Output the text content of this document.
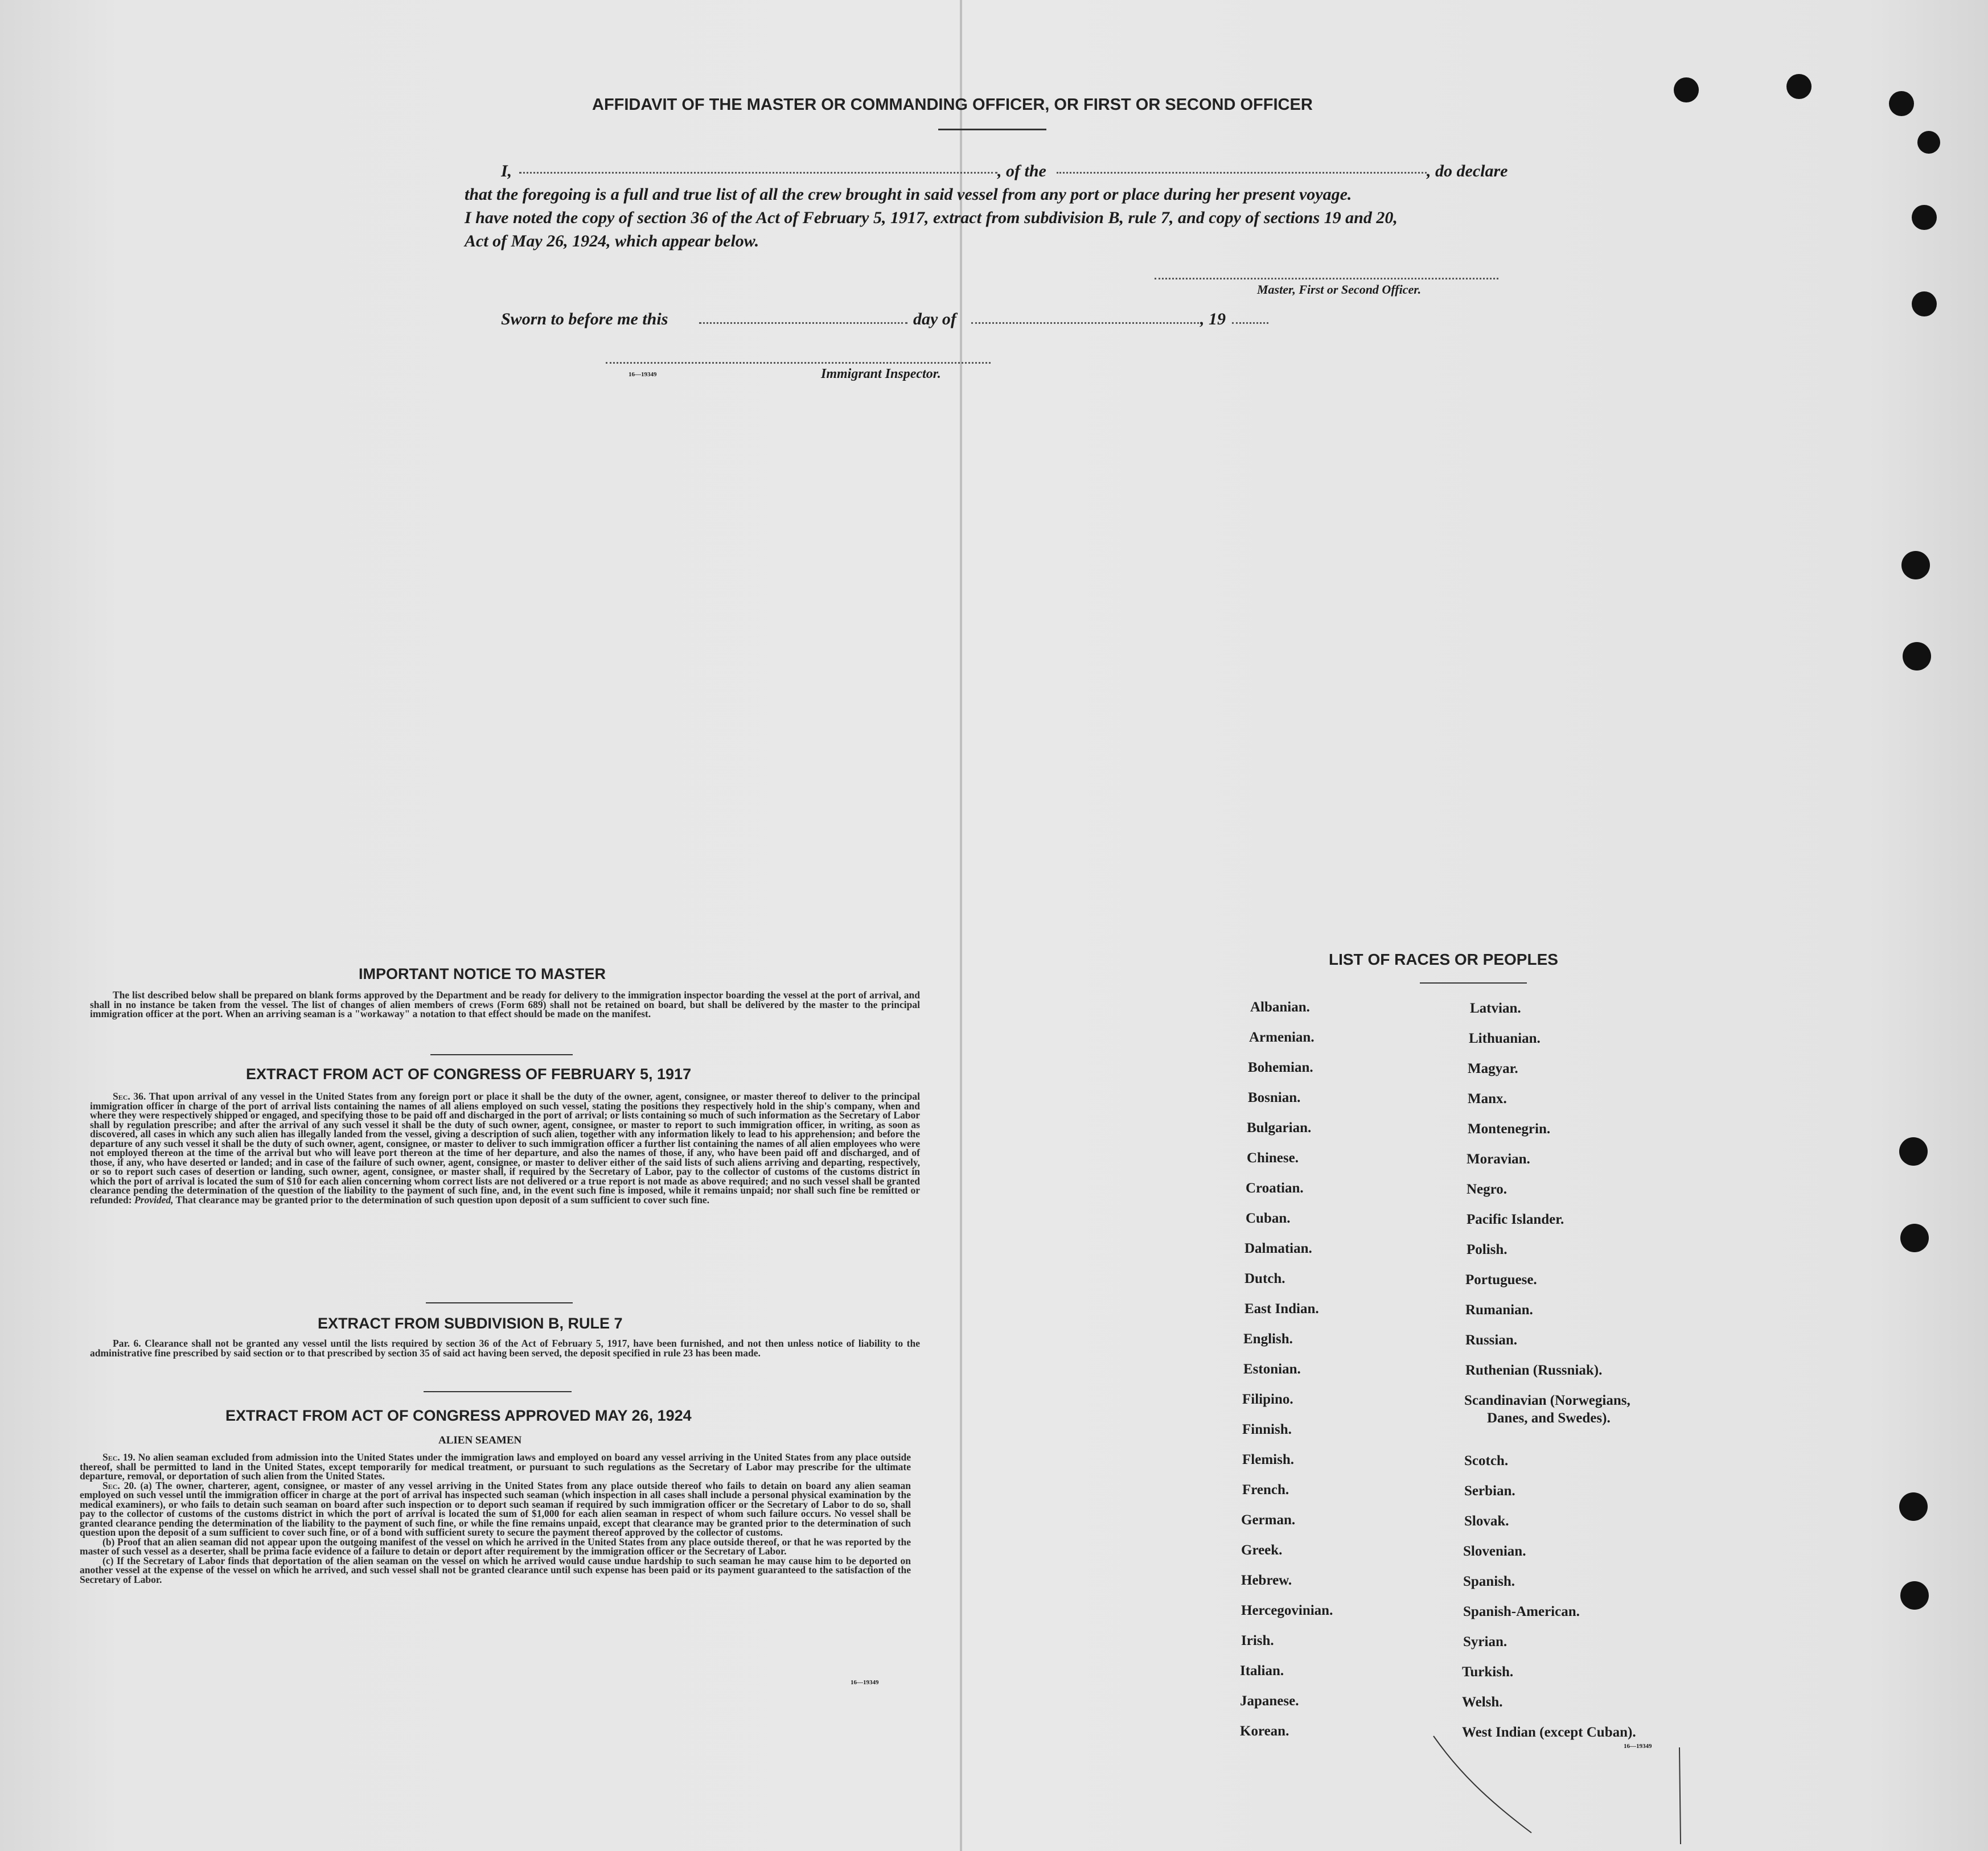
AFFIDAVIT OF THE MASTER OR COMMANDING OFFICER, OR FIRST OR SECOND OFFICER
I,	, of the	, do declare
that the foregoing is a full and true list of all the crew brought in said vessel from any port or place during her present voyage.
I have noted the copy of section 36 of the Act of February 5, 1917, extract from subdivision B, rule 7, and copy of sections 19 and 20,
Act of May 26, 1924, which appear below.
Master, First or Second Officer.
Sworn to before me this	day of	, 19
16—19349	Immigrant Inspector.
IMPORTANT NOTICE TO MASTER

The list described below shall be prepared on blank forms approved by the Department and be ready for delivery to the immigration inspector boarding the vessel at the port of arrival, and shall in no instance be taken from the vessel. The list of changes of alien members of crews (Form 689) shall not be retained on board, but shall be delivered by the master to the principal immigration officer at the port. When an arriving seaman is a "workaway" a notation to that effect should be made on the manifest.

EXTRACT FROM ACT OF CONGRESS OF FEBRUARY 5, 1917

Sec. 36. That upon arrival of any vessel in the United States from any foreign port or place it shall be the duty of the owner, agent, consignee, or master thereof to deliver to the principal immigration officer in charge of the port of arrival lists containing the names of all aliens employed on such vessel, stating the positions they respectively hold in the ship's company, when and where they were respectively shipped or engaged, and specifying those to be paid off and discharged in the port of arrival; or lists containing so much of such information as the Secretary of Labor shall by regulation prescribe; and after the arrival of any such vessel it shall be the duty of such owner, agent, consignee, or master to report to such immigration officer, in writing, as soon as discovered, all cases in which any such alien has illegally landed from the vessel, giving a description of such alien, together with any information likely to lead to his apprehension; and before the departure of any such vessel it shall be the duty of such owner, agent, consignee, or master to deliver to such immigration officer a further list containing the names of all alien employees who were not employed thereon at the time of the arrival but who will leave port thereon at the time of her departure, and also the names of those, if any, who have been paid off and discharged, and of those, if any, who have deserted or landed; and in case of the failure of such owner, agent, consignee, or master to deliver either of the said lists of such aliens arriving and departing, respectively, or so to report such cases of desertion or landing, such owner, agent, consignee, or master shall, if required by the Secretary of Labor, pay to the collector of customs of the customs district in which the port of arrival is located the sum of $10 for each alien concerning whom correct lists are not delivered or a true report is not made as above required; and no such vessel shall be granted clearance pending the determination of the question of the liability to the payment of such fine, and, in the event such fine is imposed, while it remains unpaid; nor shall such fine be remitted or refunded: Provided, That clearance may be granted prior to the determination of such question upon deposit of a sum sufficient to cover such fine.

EXTRACT FROM SUBDIVISION B, RULE 7

Par. 6. Clearance shall not be granted any vessel until the lists required by section 36 of the Act of February 5, 1917, have been furnished, and not then unless notice of liability to the administrative fine prescribed by said section or to that prescribed by section 35 of said act having been served, the deposit specified in rule 23 has been made.

EXTRACT FROM ACT OF CONGRESS APPROVED MAY 26, 1924
ALIEN SEAMEN

Sec. 19. No alien seaman excluded from admission into the United States under the immigration laws and employed on board any vessel arriving in the United States from any place outside thereof, shall be permitted to land in the United States, except temporarily for medical treatment, or pursuant to such regulations as the Secretary of Labor may prescribe for the ultimate departure, removal, or deportation of such alien from the United States.

Sec. 20. (a) The owner, charterer, agent, consignee, or master of any vessel arriving in the United States from any place outside thereof who fails to detain on board any alien seaman employed on such vessel until the immigration officer in charge at the port of arrival has inspected such seaman (which inspection in all cases shall include a personal physical examination by the medical examiners), or who fails to detain such seaman on board after such inspection or to deport such seaman if required by such immigration officer or the Secretary of Labor to do so, shall pay to the collector of customs of the customs district in which the port of arrival is located the sum of $1,000 for each alien seaman in respect of whom such failure occurs. No vessel shall be granted clearance pending the determination of the liability to the payment of such fine, or while the fine remains unpaid, except that clearance may be granted prior to the determination of such question upon the deposit of a sum sufficient to cover such fine, or of a bond with sufficient surety to secure the payment thereof approved by the collector of customs.

(b) Proof that an alien seaman did not appear upon the outgoing manifest of the vessel on which he arrived in the United States from any place outside thereof, or that he was reported by the master of such vessel as a deserter, shall be prima facie evidence of a failure to detain or deport after requirement by the immigration officer or the Secretary of Labor.

(c) If the Secretary of Labor finds that deportation of the alien seaman on the vessel on which he arrived would cause undue hardship to such seaman he may cause him to be deported on another vessel at the expense of the vessel on which he arrived, and such vessel shall not be granted clearance until such expense has been paid or its payment guaranteed to the satisfaction of the Secretary of Labor.

16—19349
LIST OF RACES OR PEOPLES
Albanian.
Armenian.
Bohemian.
Bosnian.
Bulgarian.
Chinese.
Croatian.
Cuban.
Dalmatian.
Dutch.
East Indian.
English.
Estonian.
Filipino.
Finnish.
Flemish.
French.
German.
Greek.
Hebrew.
Hercegovinian.
Irish.
Italian.
Japanese.
Korean.
Latvian.
Lithuanian.
Magyar.
Manx.
Montenegrin.
Moravian.
Negro.
Pacific Islander.
Polish.
Portuguese.
Rumanian.
Russian.
Ruthenian (Russniak).
Scandinavian (Norwegians,
Danes, and Swedes).
Scotch.
Serbian.
Slovak.
Slovenian.
Spanish.
Spanish-American.
Syrian.
Turkish.
Welsh.
West Indian (except Cuban).
16—19349
